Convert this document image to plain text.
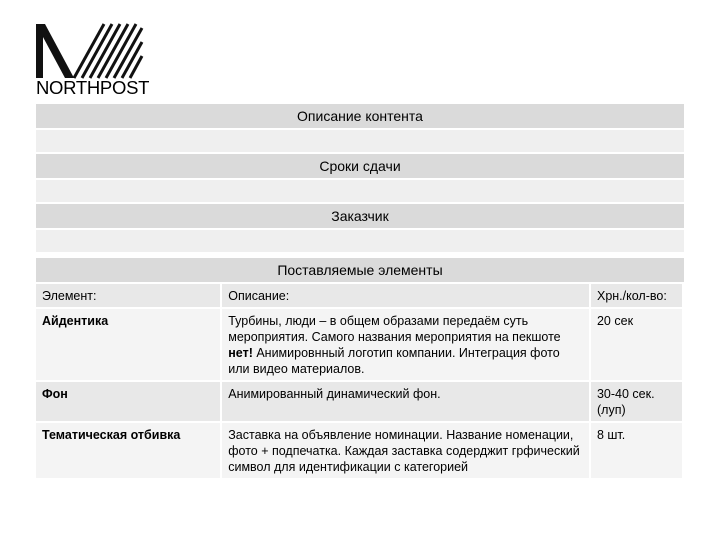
NORTHPOST
Описание контента
Сроки сдачи
Заказчик
Поставляемые элементы
Элемент:	Описание:	Хрн./кол-во:
Айдентика	Турбины, люди – в общем образами передаём суть мероприятия. Самого названия мероприятия на пекшоте нет! Анимировнный логотип компании. Интеграция фото или видео материалов.	20 сек
Фон	Анимированный динамический фон.	30-40 сек. (луп)
Тематическая отбивка	Заставка на объявление номинации. Название номенации, фото + подпечатка. Каждая заставка содерджит грфический символ для идентификации с категорией	8 шт.
